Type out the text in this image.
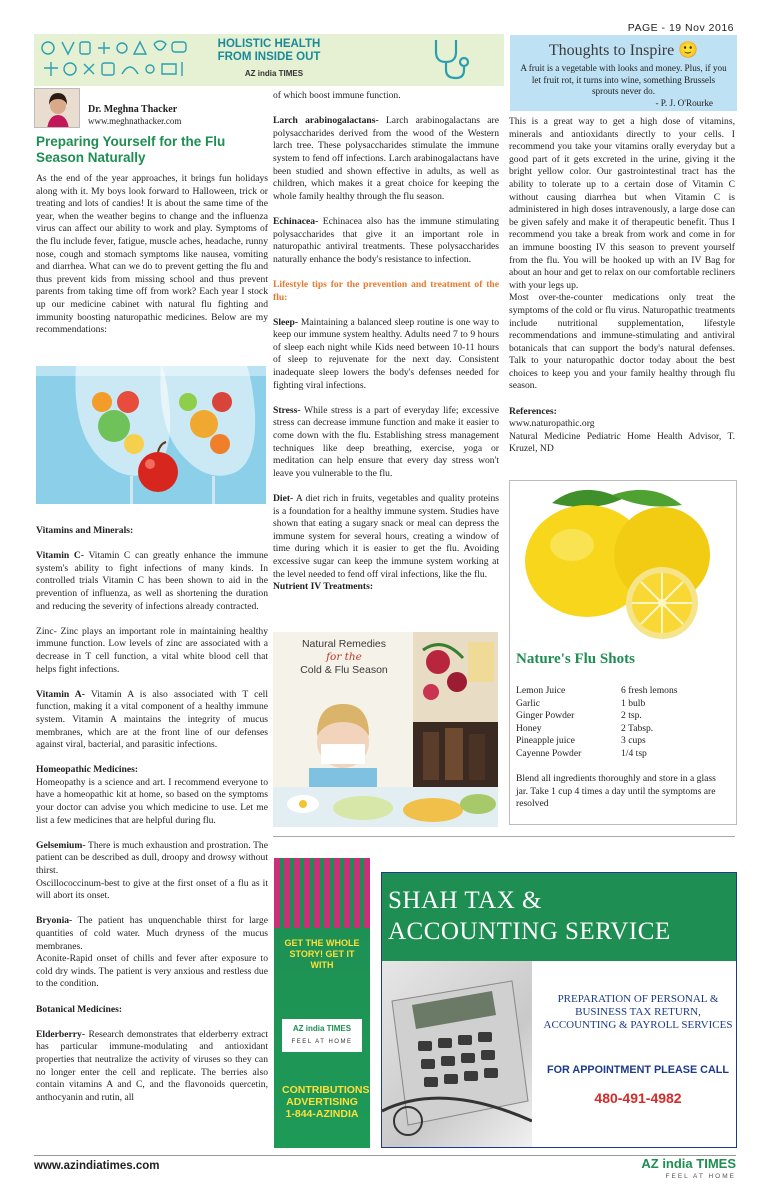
PAGE - 19 Nov 2016
HOLISTIC HEALTH
FROM INSIDE OUT
AZ india TIMES
Dr. Meghna Thacker
www.meghnathacker.com
Preparing Yourself for the Flu Season Naturally

As the end of the year approaches, it brings fun holidays along with it. My boys look forward to Halloween, trick or treating and lots of candies! It is about the same time of the year, when the weather begins to change and the influenza virus can affect our ability to work and play. Symptoms of the flu include fever, fatigue, muscle aches, headache, runny nose, cough and stomach symptoms like nausea, vomiting and diarrhea. What can we do to prevent getting the flu and thus prevent kids from missing school and thus prevent parents from taking time off from work? Each year I stock up our medicine cabinet with natural flu fighting and immunity boosting naturopathic medicines. Below are my recommendations:

Vitamins and Minerals:

Vitamin C- Vitamin C can greatly enhance the immune system's ability to fight infections of many kinds. In controlled trials Vitamin C has been shown to aid in the prevention of influenza, as well as shortening the duration and reducing the severity of infections already contracted.

Zinc- Zinc plays an important role in maintaining healthy immune function. Low levels of zinc are associated with a decrease in T cell function, a vital white blood cell that helps fight infections.

Vitamin A- Vitamin A is also associated with T cell function, making it a vital component of a healthy immune system. Vitamin A maintains the integrity of mucus membranes, which are at the front line of our defenses against viral, bacterial, and parasitic infections.

Homeopathic Medicines:

Homeopathy is a science and art. I recommend everyone to have a homeopathic kit at home, so based on the symptoms your doctor can advise you which medicine to use. Let me list a few medicines that are helpful during flu.

Gelsemium- There is much exhaustion and prostration. The patient can be described as dull, droopy and drowsy without thirst.

Oscillococcinum-best to give at the first onset of a flu as it will abort its onset.

Bryonia- The patient has unquenchable thirst for large quantities of cold water. Much dryness of the mucus membranes.

Aconite-Rapid onset of chills and fever after exposure to cold dry winds. The patient is very anxious and restless due to the condition.

Botanical Medicines:

Elderberry- Research demonstrates that elderberry extract has particular immune-modulating and antioxidant properties that neutralize the activity of viruses so they can no longer enter the cell and replicate. The berries also contain vitamins A and C, and the flavonoids quercetin, anthocyanin and rutin, all

of which boost immune function.

Larch arabinogalactans- Larch arabinogalactans are polysaccharides derived from the wood of the Western larch tree. These polysaccharides stimulate the immune system to fend off infections. Larch arabinogalactans have been studied and shown effective in adults, as well as children, which makes it a great choice for keeping the whole family healthy through the flu season.

Echinacea- Echinacea also has the immune stimulating polysaccharides that give it an important role in naturopathic antiviral treatments. These polysaccharides naturally enhance the body's resistance to infection.

Lifestyle tips for the prevention and treatment of the flu:

Sleep- Maintaining a balanced sleep routine is one way to keep our immune system healthy. Adults need 7 to 9 hours of sleep each night while Kids need between 10-11 hours of sleep to rejuvenate for the next day. Consistent inadequate sleep lowers the body's defenses needed for fighting viral infections.

Stress- While stress is a part of everyday life; excessive stress can decrease immune function and make it easier to come down with the flu. Establishing stress management techniques like deep breathing, exercise, yoga or meditation can help ensure that every day stress won't leave you vulnerable to the flu.

Diet- A diet rich in fruits, vegetables and quality proteins is a foundation for a healthy immune system. Studies have shown that eating a sugary snack or meal can depress the immune system for several hours, creating a window of time during which it is easier to get the flu. Avoiding excessive sugar can keep the immune system working at the level needed to fend off viral infections, like the flu.
Nutrient IV Treatments:
Natural Remedies
for the
Cold & Flu Season
Thoughts to Inspire 🙂
A fruit is a vegetable with looks and money. Plus, if you let fruit rot, it turns into wine, something Brussels sprouts never do.
- P. J. O'Rourke
This is a great way to get a high dose of vitamins, minerals and antioxidants directly to your cells. I recommend you take your vitamins orally everyday but a good part of it gets excreted in the urine, giving it the bright yellow color. Our gastrointestinal tract has the ability to tolerate up to a certain dose of Vitamin C without causing diarrhea but when Vitamin C is administered in high doses intravenously, a large dose can be given safely and make it of therapeutic benefit. Thus I recommend you take a break from work and come in for an immune boosting IV this season to prevent yourself from the flu. You will be hooked up with an IV Bag for about an hour and get to relax on our comfortable recliners with your legs up.

Most over-the-counter medications only treat the symptoms of the cold or flu virus. Naturopathic treatments include nutritional supplementation, lifestyle recommendations and immune-stimulating and antiviral botanicals that can support the body's natural defenses. Talk to your naturopathic doctor today about the best choices to keep you and your family healthy through flu season.

References:
www.naturopathic.org
Natural Medicine Pediatric Home Health Advisor, T. Kruzel, ND
Nature's Flu Shots
Lemon Juice	6 fresh lemons
Garlic	1 bulb
Ginger Powder	2 tsp.
Honey	2 Tabsp.
Pineapple juice	3 cups
Cayenne Powder	1/4 tsp
Blend all ingredients thoroughly and store in a glass jar. Take 1 cup 4 times a day until the symptoms are resolved
GET THE WHOLE STORY! GET IT WITH
AZ india TIMES
FEEL AT HOME
CONTRIBUTIONS ADVERTISING 1-844-AZINDIA
SHAH TAX &
ACCOUNTING SERVICE
PREPARATION OF PERSONAL & BUSINESS TAX RETURN, ACCOUNTING & PAYROLL SERVICES
FOR APPOINTMENT PLEASE CALL
480-491-4982
www.azindiatimes.com	AZ india TIMES
FEEL AT HOME
